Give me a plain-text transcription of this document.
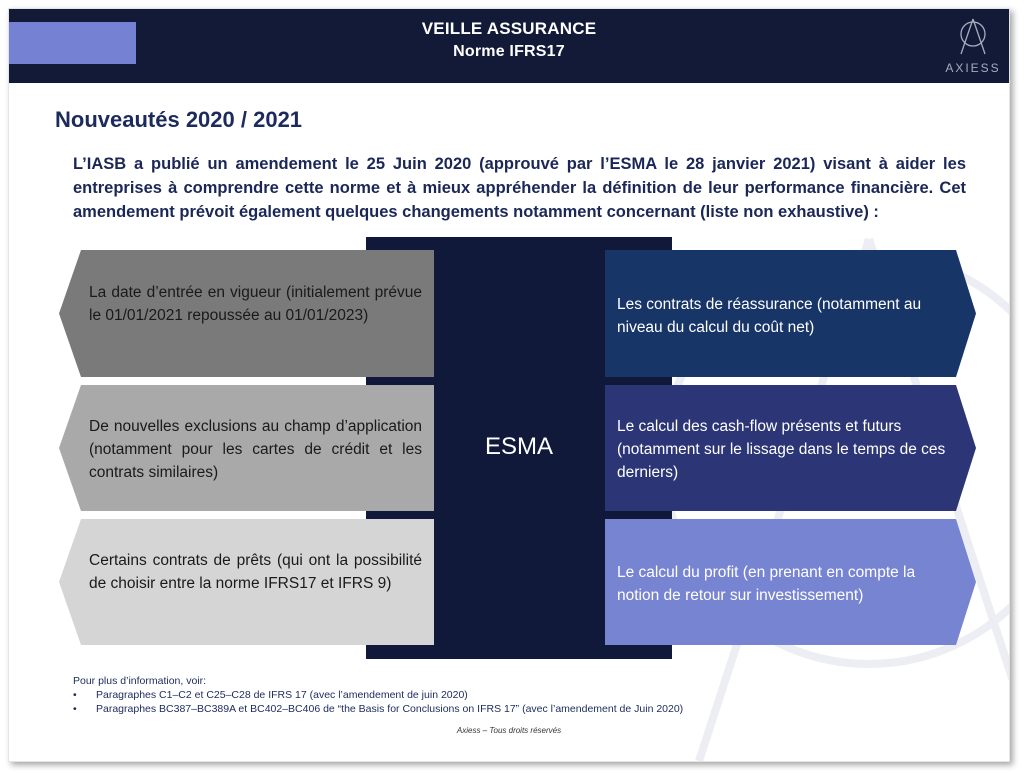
VEILLE ASSURANCE
Norme IFRS17
AXIESS
Nouveautés 2020 / 2021
L’IASB a publié un amendement le 25 Juin 2020 (approuvé par l’ESMA le 28 janvier 2021) visant à aider les entreprises à comprendre cette norme et à mieux appréhender la définition de leur performance financière. Cet amendement prévoit également quelques changements notamment concernant (liste non exhaustive) :
ESMA
La date d’entrée en vigueur (initialement prévue le 01/01/2021 repoussée au 01/01/2023)
De nouvelles exclusions au champ d’application (notamment pour les cartes de crédit et les contrats similaires)
Certains contrats de prêts (qui ont la possibilité de choisir entre la norme IFRS17 et IFRS 9)
Les contrats de réassurance (notamment au niveau du calcul du coût net)
Le calcul des cash-flow présents et futurs (notamment sur le lissage dans le temps de ces derniers)
Le calcul du profit (en prenant en compte la notion de retour sur investissement)
Pour plus d’information, voir:
• Paragraphes C1–C2 et C25–C28 de IFRS 17 (avec l’amendement de juin 2020)
• Paragraphes BC387–BC389A et BC402–BC406 de “the Basis for Conclusions on IFRS 17” (avec l’amendement de Juin 2020)
Axiess – Tous droits réservés
